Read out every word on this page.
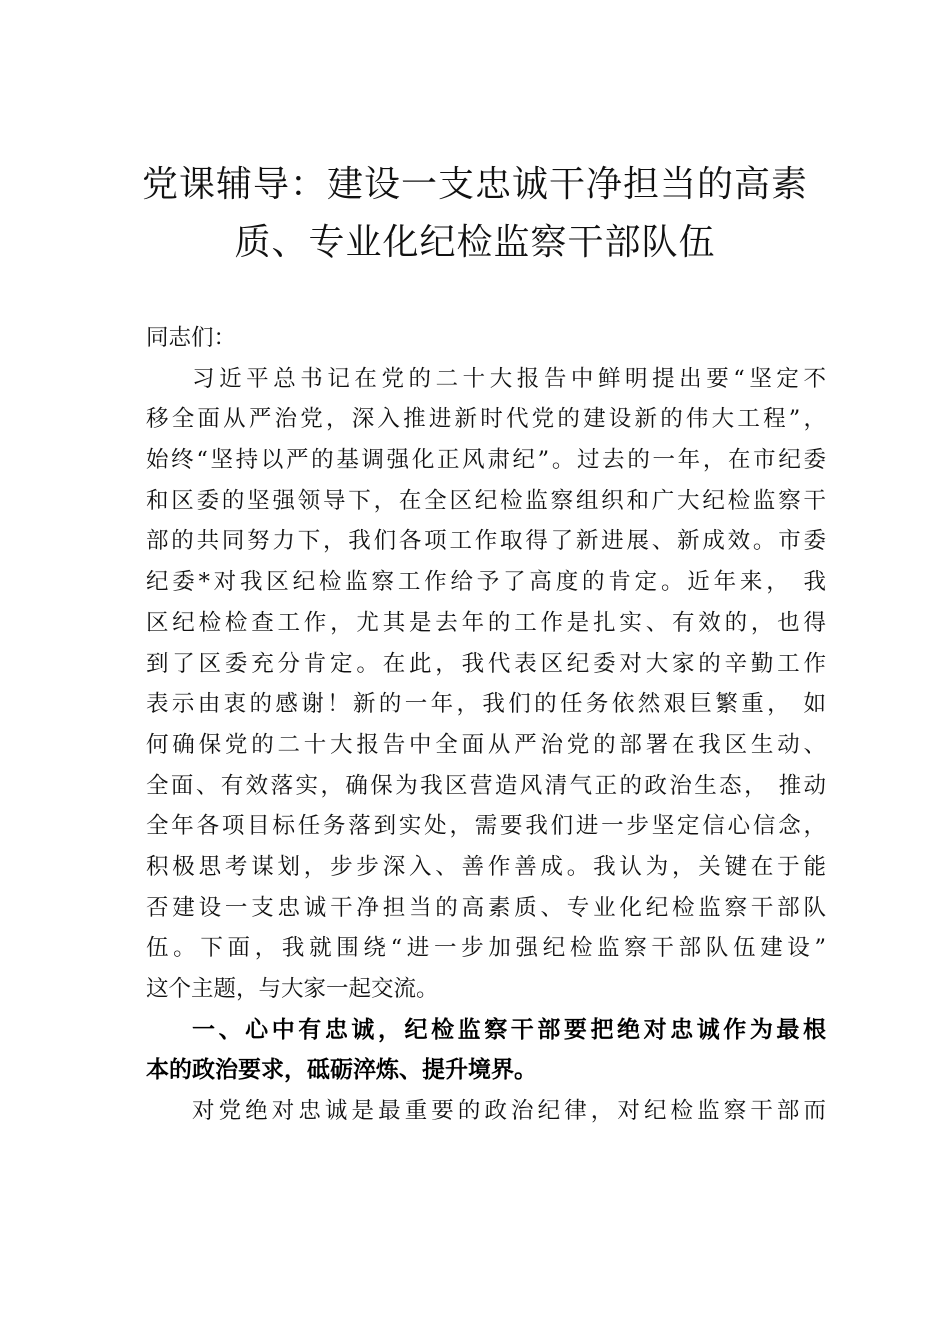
党课辅导：建设一支忠诚干净担当的高素
质、专业化纪检监察干部队伍
同志们：
习近平总书记在党的二十大报告中鲜明提出要“坚定不
移全面从严治党，深入推进新时代党的建设新的伟大工程”，
始终“坚持以严的基调强化正风肃纪”。过去的一年，在市纪委
和区委的坚强领导下，在全区纪检监察组织和广大纪检监察干
部的共同努力下，我们各项工作取得了新进展、新成效。市委
纪委*对我区纪检监察工作给予了高度的肯定。近年来， 我
区纪检检查工作，尤其是去年的工作是扎实、有效的，也得
到了区委充分肯定。在此，我代表区纪委对大家的辛勤工作
表示由衷的感谢！新的一年，我们的任务依然艰巨繁重， 如
何确保党的二十大报告中全面从严治党的部署在我区生动、
全面、有效落实，确保为我区营造风清气正的政治生态， 推动
全年各项目标任务落到实处，需要我们进一步坚定信心信念，
积极思考谋划，步步深入、善作善成。我认为，关键在于能
否建设一支忠诚干净担当的高素质、专业化纪检监察干部队
伍。下面，我就围绕“进一步加强纪检监察干部队伍建设”
这个主题，与大家一起交流。
一、心中有忠诚，纪检监察干部要把绝对忠诚作为最根
本的政治要求，砥砺淬炼、提升境界。
对党绝对忠诚是最重要的政治纪律，对纪检监察干部而
